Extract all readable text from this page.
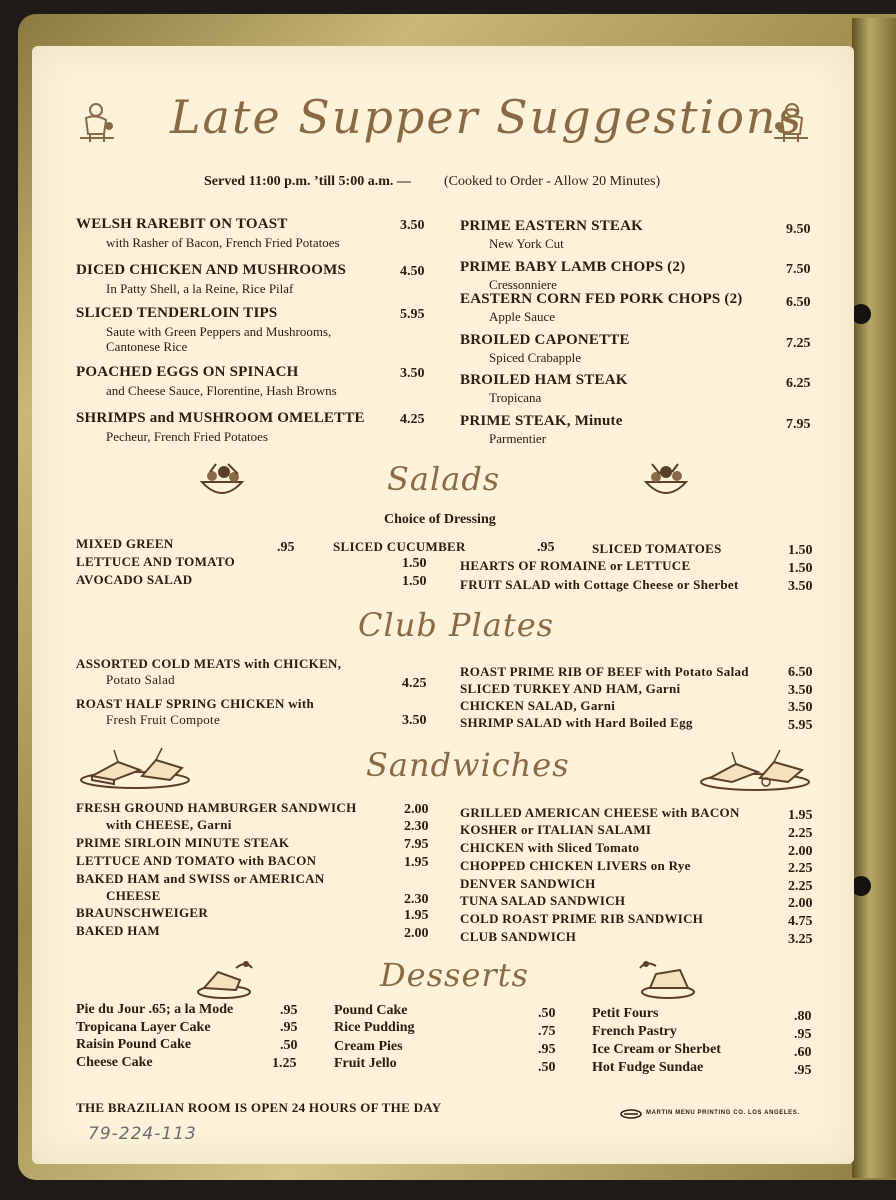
Late Supper Suggestions
Served 11:00 p.m. ’till 5:00 a.m. — (Cooked to Order - Allow 20 Minutes)
WELSH RAREBIT ON TOAST	3.50
with Rasher of Bacon, French Fried Potatoes
DICED CHICKEN AND MUSHROOMS	4.50
In Patty Shell, a la Reine, Rice Pilaf
SLICED TENDERLOIN TIPS	5.95
Saute with Green Peppers and Mushrooms,
Cantonese Rice
POACHED EGGS ON SPINACH	3.50
and Cheese Sauce, Florentine, Hash Browns
SHRIMPS and MUSHROOM OMELETTE	4.25
Pecheur, French Fried Potatoes
PRIME EASTERN STEAK	9.50
New York Cut
PRIME BABY LAMB CHOPS (2)	7.50
Cressonniere
EASTERN CORN FED PORK CHOPS (2)	6.50
Apple Sauce
BROILED CAPONETTE	7.25
Spiced Crabapple
BROILED HAM STEAK	6.25
Tropicana
PRIME STEAK, Minute	7.95
Parmentier
Salads
Choice of Dressing
MIXED GREEN	.95	SLICED CUCUMBER	.95	SLICED TOMATOES	1.50
LETTUCE AND TOMATO	1.50	HEARTS OF ROMAINE or LETTUCE	1.50
AVOCADO SALAD	1.50	FRUIT SALAD with Cottage Cheese or Sherbet	3.50
Club Plates
ASSORTED COLD MEATS with CHICKEN,
Potato Salad	4.25
ROAST HALF SPRING CHICKEN with
Fresh Fruit Compote	3.50
ROAST PRIME RIB OF BEEF with Potato Salad	6.50
SLICED TURKEY AND HAM, Garni	3.50
CHICKEN SALAD, Garni	3.50
SHRIMP SALAD with Hard Boiled Egg	5.95
Sandwiches
FRESH GROUND HAMBURGER SANDWICH	2.00
with CHEESE, Garni	2.30
PRIME SIRLOIN MINUTE STEAK	7.95
LETTUCE AND TOMATO with BACON	1.95
BAKED HAM and SWISS or AMERICAN
CHEESE	2.30
BRAUNSCHWEIGER	1.95
BAKED HAM	2.00
GRILLED AMERICAN CHEESE with BACON	1.95
KOSHER or ITALIAN SALAMI	2.25
CHICKEN with Sliced Tomato	2.00
CHOPPED CHICKEN LIVERS on Rye	2.25
DENVER SANDWICH	2.25
TUNA SALAD SANDWICH	2.00
COLD ROAST PRIME RIB SANDWICH	4.75
CLUB SANDWICH	3.25
Desserts
Pie du Jour .65; a la Mode	.95
Tropicana Layer Cake	.95
Raisin Pound Cake	.50
Cheese Cake	1.25
Pound Cake	.50
Rice Pudding	.75
Cream Pies	.95
Fruit Jello	.50
Petit Fours	.80
French Pastry	.95
Ice Cream or Sherbet	.60
Hot Fudge Sundae	.95
THE BRAZILIAN ROOM IS OPEN 24 HOURS OF THE DAY	MARTIN MENU PRINTING CO. LOS ANGELES.
79-224-113
